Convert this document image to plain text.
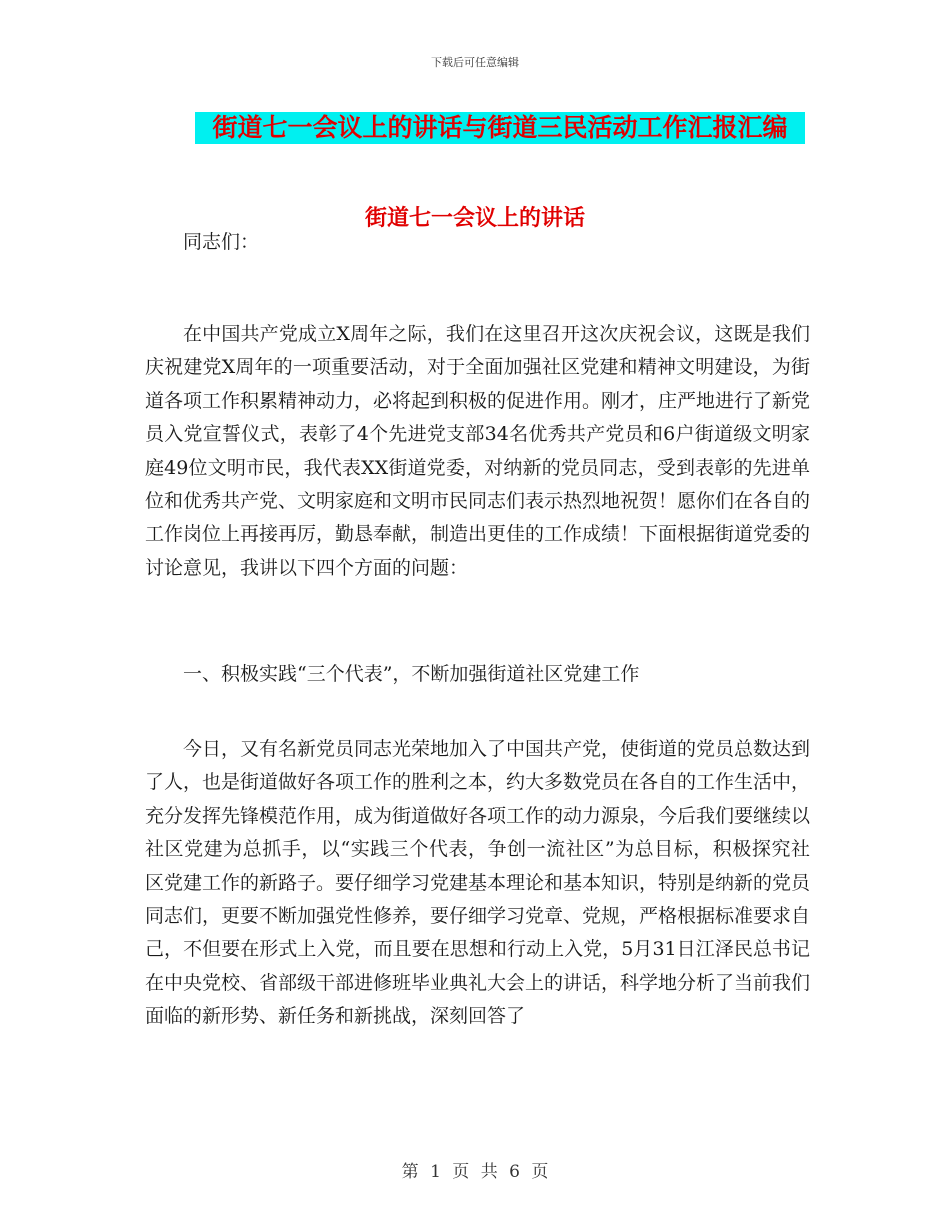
下载后可任意编辑
街道七一会议上的讲话与街道三民活动工作汇报汇编
街道七一会议上的讲话

同志们：

在中国共产党成立X周年之际，我们在这里召开这次庆祝会议，这既是我们庆祝建党X周年的一项重要活动，对于全面加强社区党建和精神文明建设，为街道各项工作积累精神动力，必将起到积极的促进作用。刚才，庄严地进行了新党员入党宣誓仪式，表彰了4个先进党支部34名优秀共产党员和6户街道级文明家庭49位文明市民，我代表XX街道党委，对纳新的党员同志，受到表彰的先进单位和优秀共产党、文明家庭和文明市民同志们表示热烈地祝贺！愿你们在各自的工作岗位上再接再厉，勤恳奉献，制造出更佳的工作成绩！下面根据街道党委的讨论意见，我讲以下四个方面的问题：

一、积极实践“三个代表”，不断加强街道社区党建工作

今日，又有名新党员同志光荣地加入了中国共产党，使街道的党员总数达到了人，也是街道做好各项工作的胜利之本，约大多数党员在各自的工作生活中，充分发挥先锋模范作用，成为街道做好各项工作的动力源泉，今后我们要继续以社区党建为总抓手，以“实践三个代表，争创一流社区”为总目标，积极探究社区党建工作的新路子。要仔细学习党建基本理论和基本知识，特别是纳新的党员同志们，更要不断加强党性修养，要仔细学习党章、党规，严格根据标准要求自己，不但要在形式上入党，而且要在思想和行动上入党，5月31日江泽民总书记在中央党校、省部级干部进修班毕业典礼大会上的讲话，科学地分析了当前我们面临的新形势、新任务和新挑战，深刻回答了

第 1 页 共 6 页
